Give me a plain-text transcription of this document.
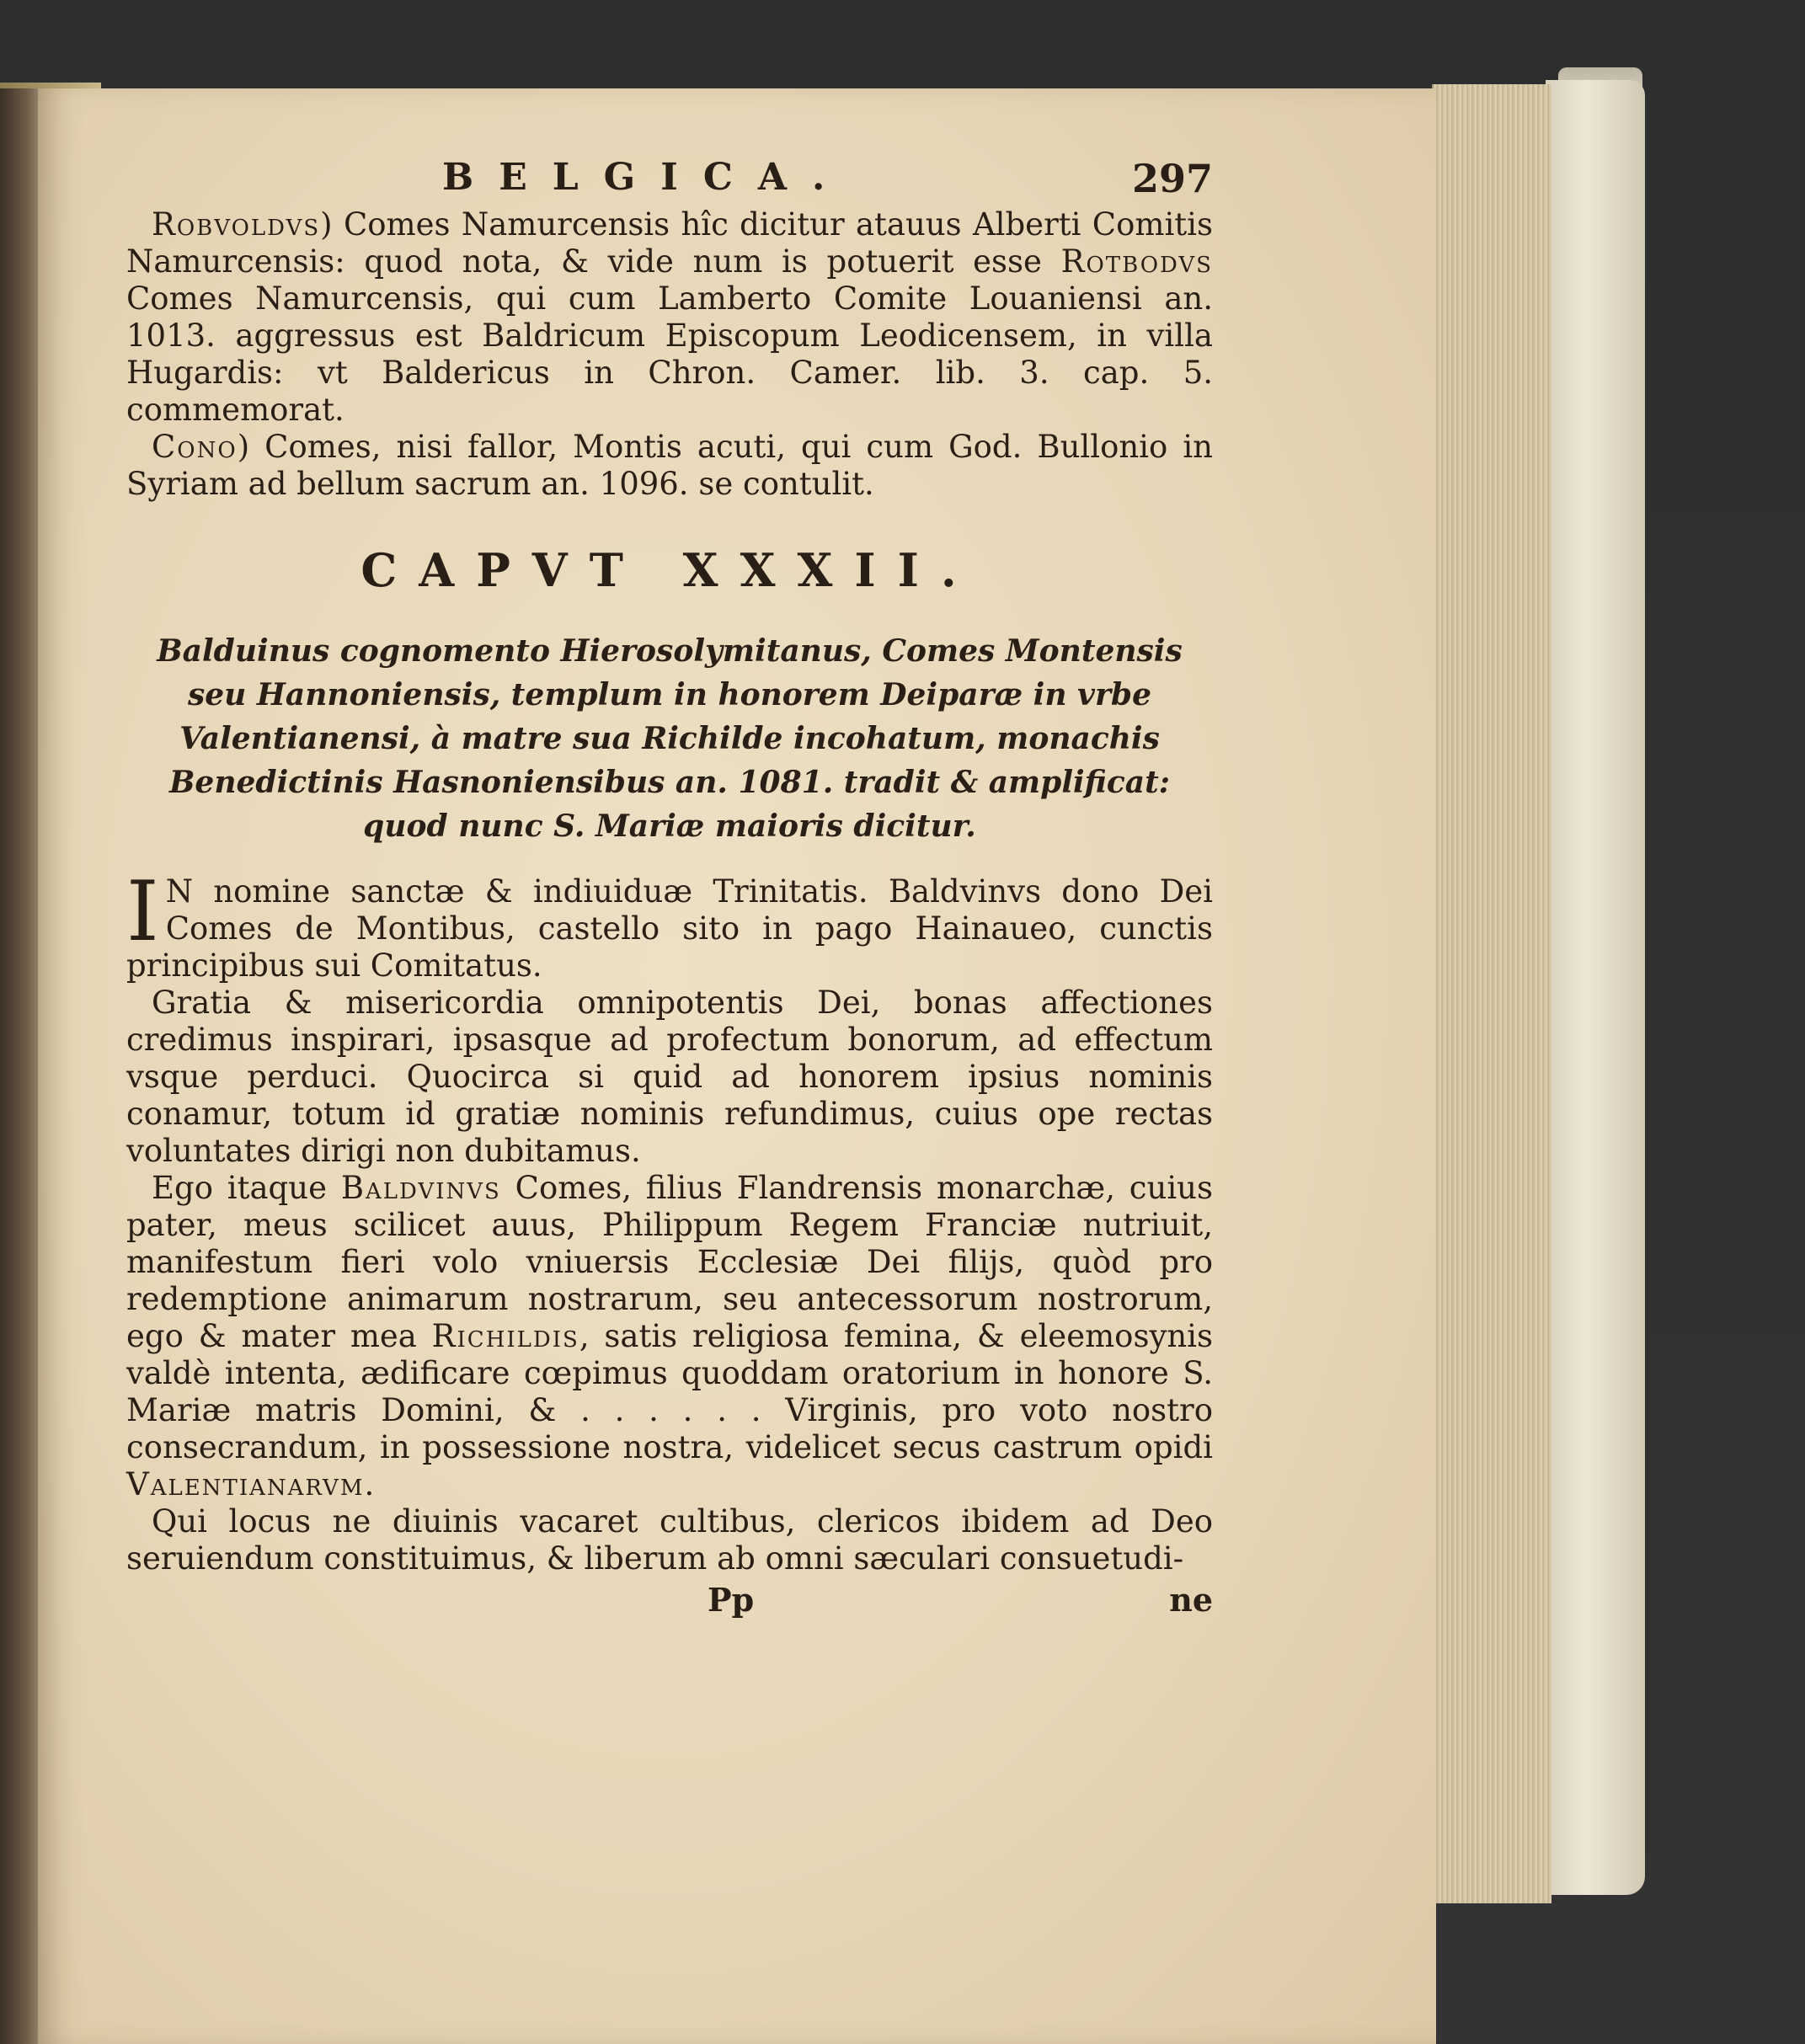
BELGICA.	297

Robvoldvs) Comes Namurcensis hîc dicitur atauus Alberti Comitis Namurcensis: quod nota, & vide num is potuerit esse Rotbodvs Comes Namurcensis, qui cum Lamberto Comite Louaniensi an. 1013. aggressus est Baldricum Episcopum Leodicensem, in villa Hugardis: vt Baldericus in Chron. Camer. lib. 3. cap. 5. commemorat.

Cono) Comes, nisi fallor, Montis acuti, qui cum God. Bullonio in Syriam ad bellum sacrum an. 1096. se contulit.

CAPVT XXXII.
Balduinus cognomento Hierosolymitanus, Comes Montensis seu Hannoniensis, templum in honorem Deiparæ in vrbe Valentianensi, à matre sua Richilde incohatum, monachis Benedictinis Hasnoniensibus an. 1081. tradit & amplificat: quod nunc S. Mariæ maioris dicitur.

I N nomine sanctæ & indiuiduæ Trinitatis. Baldvinvs dono Dei Comes de Montibus, castello sito in pago Hainaueo, cunctis principibus sui Comitatus.

Gratia & misericordia omnipotentis Dei, bonas affectiones credimus inspirari, ipsasque ad profectum bonorum, ad effectum vsque perduci. Quocirca si quid ad honorem ipsius nominis conamur, totum id gratiæ nominis refundimus, cuius ope rectas voluntates dirigi non dubitamus.

Ego itaque Baldvinvs Comes, filius Flandrensis monarchæ, cuius pater, meus scilicet auus, Philippum Regem Franciæ nutriuit, manifestum fieri volo vniuersis Ecclesiæ Dei filijs, quòd pro redemptione animarum nostrarum, seu antecessorum nostrorum, ego & mater mea Richildis, satis religiosa femina, & eleemosynis valdè intenta, ædificare cœpimus quoddam oratorium in honore S. Mariæ matris Domini, & . . . . . . Virginis, pro voto nostro consecrandum, in possessione nostra, videlicet secus castrum opidi Valentianarvm.

Qui locus ne diuinis vacaret cultibus, clericos ibidem ad Deo seruiendum constituimus, & liberum ab omni sæculari consuetudi-

Pp	ne
